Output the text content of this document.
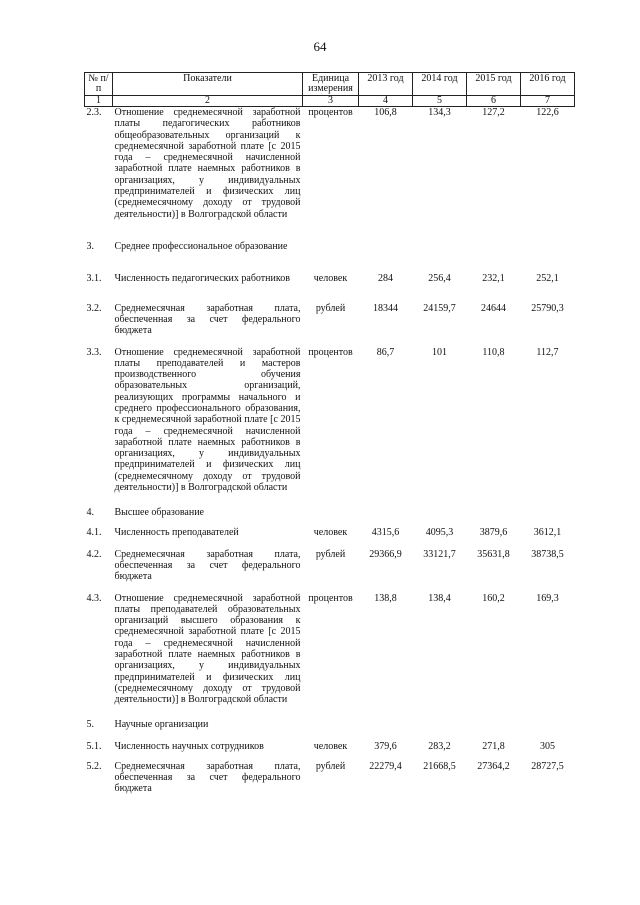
64
№ п/п	Показатели	Единица измерения	2013 год	2014 год	2015 год	2016 год
1	2	3	4	5	6	7
2.3.	Отношение среднемесячной заработной платы педагогических работников общеобразовательных организаций к среднемесячной заработной плате [с 2015 года – среднемесячной начисленной заработной плате наемных работников в организациях, у индивидуальных предпринимателей и физических лиц (среднемесячному доходу от трудовой деятельности)] в Волгоградской области	процентов	106,8	134,3	127,2	122,6
3.	Среднее профессиональное образование					
3.1.	Численность педагогических работников	человек	284	256,4	232,1	252,1
3.2.	Среднемесячная заработная плата, обеспеченная за счет федерального бюджета	рублей	18344	24159,7	24644	25790,3
3.3.	Отношение среднемесячной заработной платы преподавателей и мастеров производственного обучения образовательных организаций, реализующих программы начального и среднего профессионального образования, к среднемесячной заработной плате [с 2015 года – среднемесячной начисленной заработной плате наемных работников в организациях, у индивидуальных предпринимателей и физических лиц (среднемесячному доходу от трудовой деятельности)] в Волгоградской области	процентов	86,7	101	110,8	112,7
4.	Высшее образование					
4.1.	Численность преподавателей	человек	4315,6	4095,3	3879,6	3612,1
4.2.	Среднемесячная заработная плата, обеспеченная за счет федерального бюджета	рублей	29366,9	33121,7	35631,8	38738,5
4.3.	Отношение среднемесячной заработной платы преподавателей образовательных организаций высшего образования к среднемесячной заработной плате [с 2015 года – среднемесячной начисленной заработной плате наемных работников в организациях, у индивидуальных предпринимателей и физических лиц (среднемесячному доходу от трудовой деятельности)] в Волгоградской области	процентов	138,8	138,4	160,2	169,3
5.	Научные организации					
5.1.	Численность научных сотрудников	человек	379,6	283,2	271,8	305
5.2.	Среднемесячная заработная плата, обеспеченная за счет федерального бюджета	рублей	22279,4	21668,5	27364,2	28727,5
